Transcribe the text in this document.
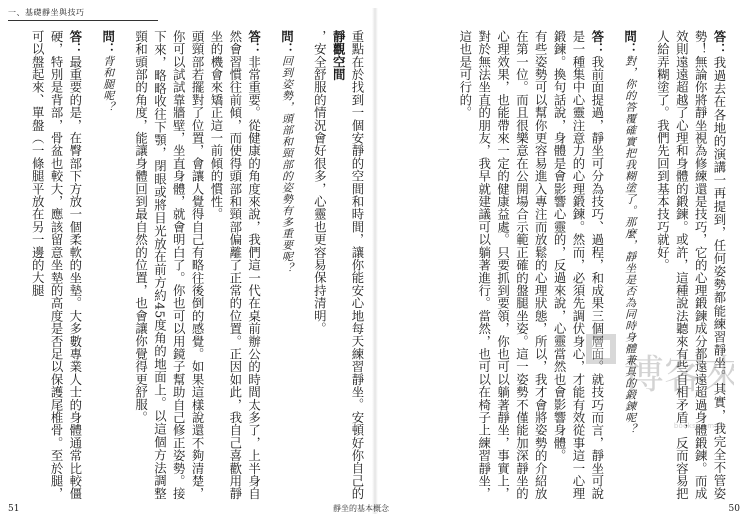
一、基礎靜坐與技巧

重點在於找到一個安靜的空間和時間，讓你能安心地每天練習靜坐。安頓好你自己的

靜觀空間

，安全舒服的情況會好很多，心靈也更容易保持清明。

問：回到姿勢，頭部和頸部的姿勢有多重要呢？

答：非常重要。從健康的角度來說，我們這一代在桌前辦公的時間太多了，上半身自然會習慣往前傾，而使得頭部和頸部偏離了正常的位置。正因如此，我自己喜歡用靜坐的機會來矯正這一前傾的慣性。

頭頸部若擺對了位置，會讓人覺得自己有略往後倒的感覺。如果這樣說還不夠清楚，你可以試試靠牆壁，坐直身體，就會明白了。你也可以用鏡子幫助自己修正姿勢。接下來，略略收往下顎，閉眼或將目光放在前方約45度角的地面上。以這個方法調整頸和頭部的角度，能讓身體回到最自然的位置，也會讓你覺得更舒服。

問：背和腿呢？

答：最重要的是，在臀部下方放一個柔軟的坐墊。大多數專業人士的身體通常比較僵硬，特別是背部，骨盆也較大，應該留意坐墊的高度是否足以保護尾椎骨。至於腿，可以盤起來、單盤（一條腿平放在另一邊的大腿	答：我過去在各地的演講一再提到，任何姿勢都能練習靜坐。其實，我完全不管姿勢！無論你將靜坐視為修練還是技巧，它的心理鍛鍊成分都遠遠超過身體鍛鍊。而成效則遠遠超越了心理和身體的鍛鍊。或許，這種說法聽來有些自相矛盾，反而容易把人給弄糊塗了。我們先回到基本技巧就好。

問：對，你的答覆確實把我糊塗了。那麼，靜坐是否為同時身體兼具的鍛鍊呢？

答：我前面提過，靜坐可分為技巧、過程，和成果三個層面。就技巧而言，靜坐可說是一種集中心靈注意力的心理鍛鍊。然而，必須先調伏身心，才能有效從事這一心理鍛鍊。換句話說，身體是會影響心靈的，反過來說，心靈當然也會影響身體。

有些姿勢可以幫你更容易進入專注而放鬆的心理狀態，所以，我才會將姿勢的介紹放在第一位。而且很樂意在公開場合示範正確的盤腿坐姿。這一姿勢不僅能加深靜坐的心理效果，也能帶來一定的健康益處。只要抓到要領，你也可以躺著靜坐，事實上，對於無法坐直的朋友，我早就建議可以躺著進行。當然，也可以在椅子上練習靜坐，這也是可行的。

博客來
books.com.tw
51	靜坐的基本概念	50
